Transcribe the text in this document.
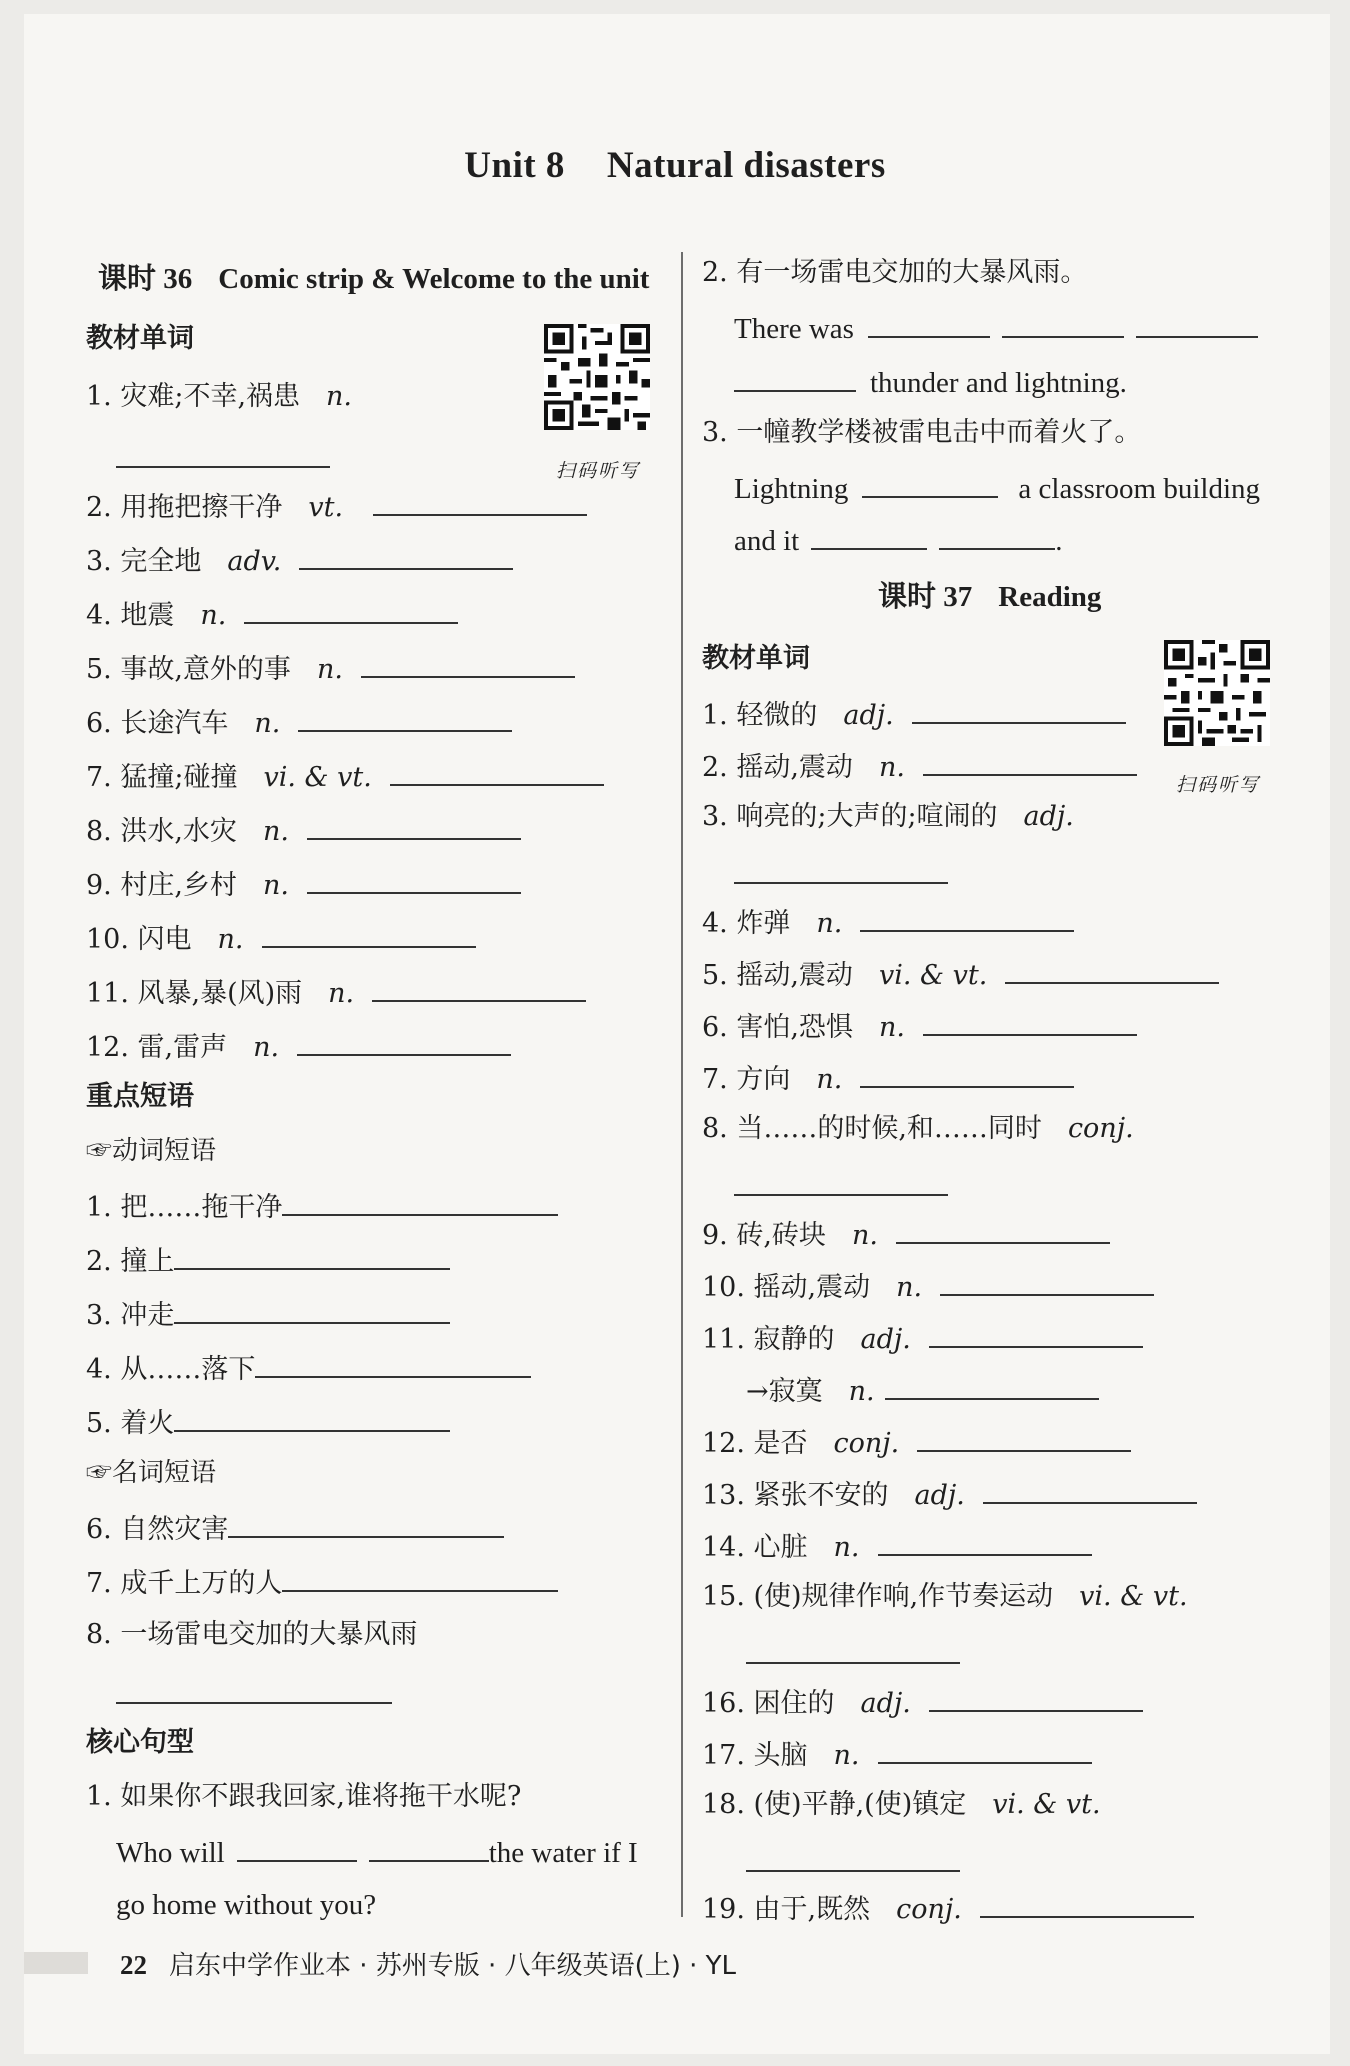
Unit 8 Natural disasters
课时 36 Comic strip & Welcome to the unit
教材单词
扫码听写
1. 灾难;不幸,祸患 n.
2. 用拖把擦干净 vt.
3. 完全地 adv.
4. 地震 n.
5. 事故,意外的事 n.
6. 长途汽车 n.
7. 猛撞;碰撞 vi. & vt.
8. 洪水,水灾 n.
9. 村庄,乡村 n.
10. 闪电 n.
11. 风暴,暴(风)雨 n.
12. 雷,雷声 n.
重点短语
☞动词短语
1. 把……拖干净
2. 撞上
3. 冲走
4. 从……落下
5. 着火
☞名词短语
6. 自然灾害
7. 成千上万的人
8. 一场雷电交加的大暴风雨
核心句型
1. 如果你不跟我回家,谁将拖干水呢?
Who will	the water if I
go home without you?
2. 有一场雷电交加的大暴风雨。
There was
thunder and lightning.
3. 一幢教学楼被雷电击中而着火了。
Lightning	a classroom building
and it	.
课时 37 Reading
教材单词
扫码听写
1. 轻微的 adj.
2. 摇动,震动 n.
3. 响亮的;大声的;喧闹的 adj.
4. 炸弹 n.
5. 摇动,震动 vi. & vt.
6. 害怕,恐惧 n.
7. 方向 n.
8. 当……的时候,和……同时 conj.
9. 砖,砖块 n.
10. 摇动,震动 n.
11. 寂静的 adj.
→寂寞 n.
12. 是否 conj.
13. 紧张不安的 adj.
14. 心脏 n.
15. (使)规律作响,作节奏运动 vi. & vt.
16. 困住的 adj.
17. 头脑 n.
18. (使)平静,(使)镇定 vi. & vt.
19. 由于,既然 conj.
22 启东中学作业本 · 苏州专版 · 八年级英语(上) · YL
